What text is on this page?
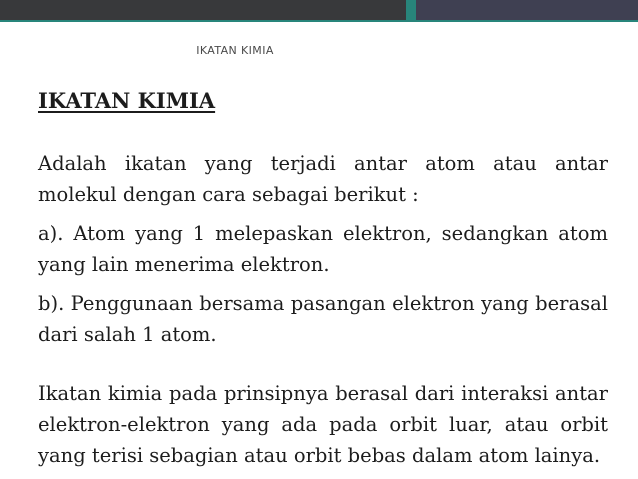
IKATAN KIMIA
IKATAN KIMIA

Adalah ikatan yang terjadi antar atom atau antar molekul dengan cara sebagai berikut :

a). Atom yang 1 melepaskan elektron, sedangkan atom yang lain menerima elektron.

b). Penggunaan bersama pasangan elektron yang berasal dari salah 1 atom.

Ikatan kimia pada prinsipnya berasal dari interaksi antar elektron-elektron yang ada pada orbit luar, atau orbit yang terisi sebagian atau orbit bebas dalam atom lainya.
